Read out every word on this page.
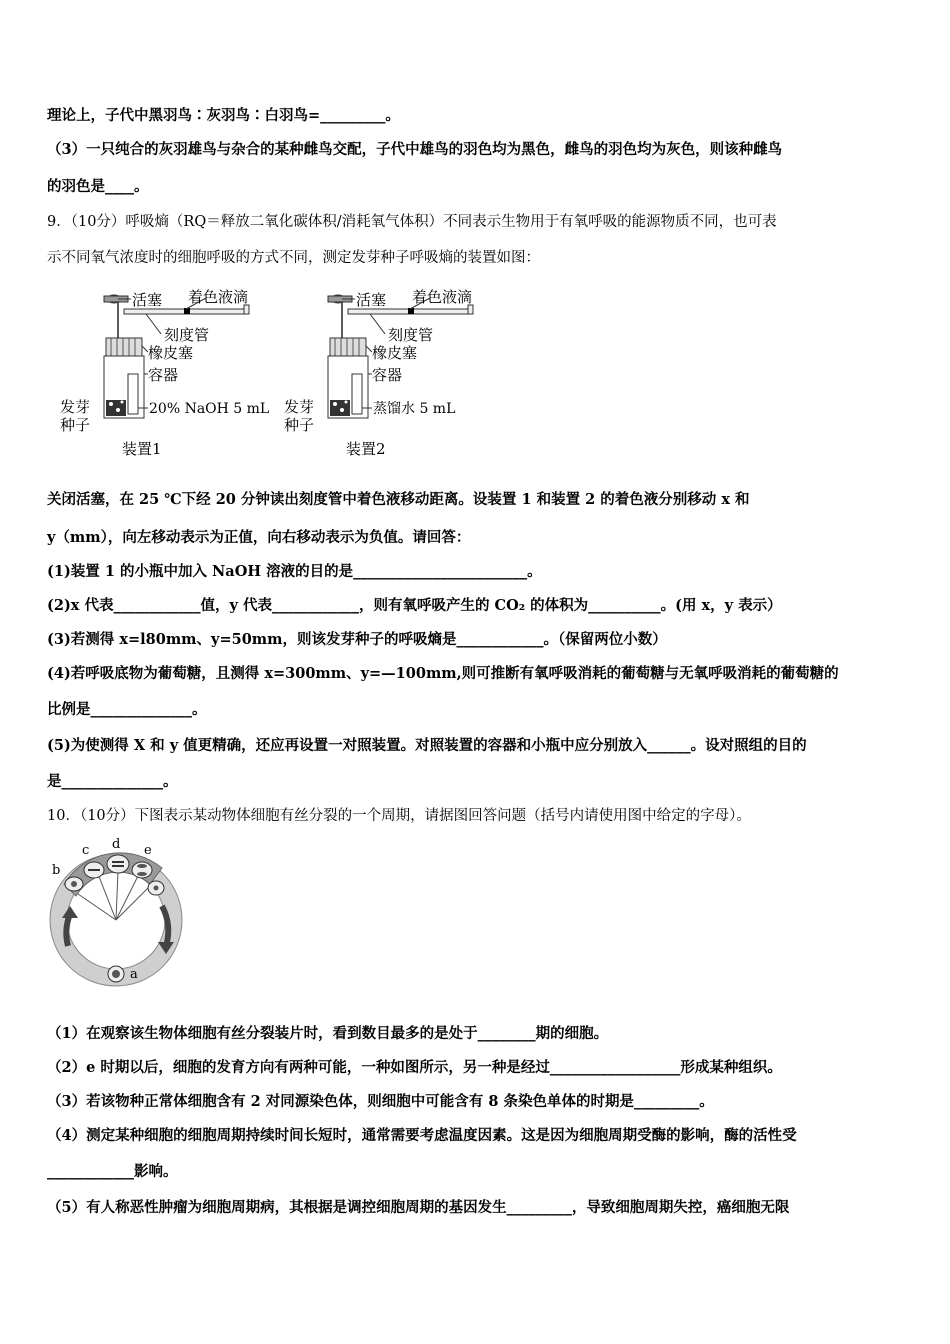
理论上，子代中黑羽鸟∶灰羽鸟∶白羽鸟=_________。
（3）一只纯合的灰羽雄鸟与杂合的某种雌鸟交配，子代中雄鸟的羽色均为黑色，雌鸟的羽色均为灰色，则该种雌鸟
的羽色是____。
9．（10分）呼吸熵（RQ＝释放二氧化碳体积/消耗氧气体积）不同表示生物用于有氧呼吸的能源物质不同，也可表
示不同氧气浓度时的细胞呼吸的方式不同，测定发芽种子呼吸熵的装置如图：
活塞 着色液滴
刻度管
橡皮塞
容器
20% NaOH 5 mL
发芽
种子
装置1
活塞 着色液滴
刻度管
橡皮塞
容器
蒸馏水 5 mL
发芽
种子
装置2
关闭活塞，在 25 ℃下经 20 分钟读出刻度管中着色液移动距离。设装置 1 和装置 2 的着色液分别移动 x 和
y（mm），向左移动表示为正值，向右移动表示为负值。请回答：
(1)装置 1 的小瓶中加入 NaOH 溶液的目的是________________________。
(2)x 代表____________值，y 代表____________，则有氧呼吸产生的 CO₂ 的体积为__________。(用 x，y 表示）
(3)若测得 x=l80mm、y=50mm，则该发芽种子的呼吸熵是____________。（保留两位小数）
(4)若呼吸底物为葡萄糖，且测得 x=300mm、y=—100mm,则可推断有氧呼吸消耗的葡萄糖与无氧呼吸消耗的葡萄糖的
比例是______________。
(5)为使测得 X 和 y 值更精确，还应再设置一对照装置。对照装置的容器和小瓶中应分别放入______。设对照组的目的
是______________。
10．（10分）下图表示某动物体细胞有丝分裂的一个周期，请据图回答问题（括号内请使用图中给定的字母）。
a
b
c d e
（1）在观察该生物体细胞有丝分裂装片时，看到数目最多的是处于________期的细胞。
（2）e 时期以后，细胞的发育方向有两种可能，一种如图所示，另一种是经过__________________形成某种组织。
（3）若该物种正常体细胞含有 2 对同源染色体，则细胞中可能含有 8 条染色单体的时期是_________。
（4）测定某种细胞的细胞周期持续时间长短时，通常需要考虑温度因素。这是因为细胞周期受酶的影响，酶的活性受
____________影响。
（5）有人称恶性肿瘤为细胞周期病，其根据是调控细胞周期的基因发生_________，导致细胞周期失控，癌细胞无限
